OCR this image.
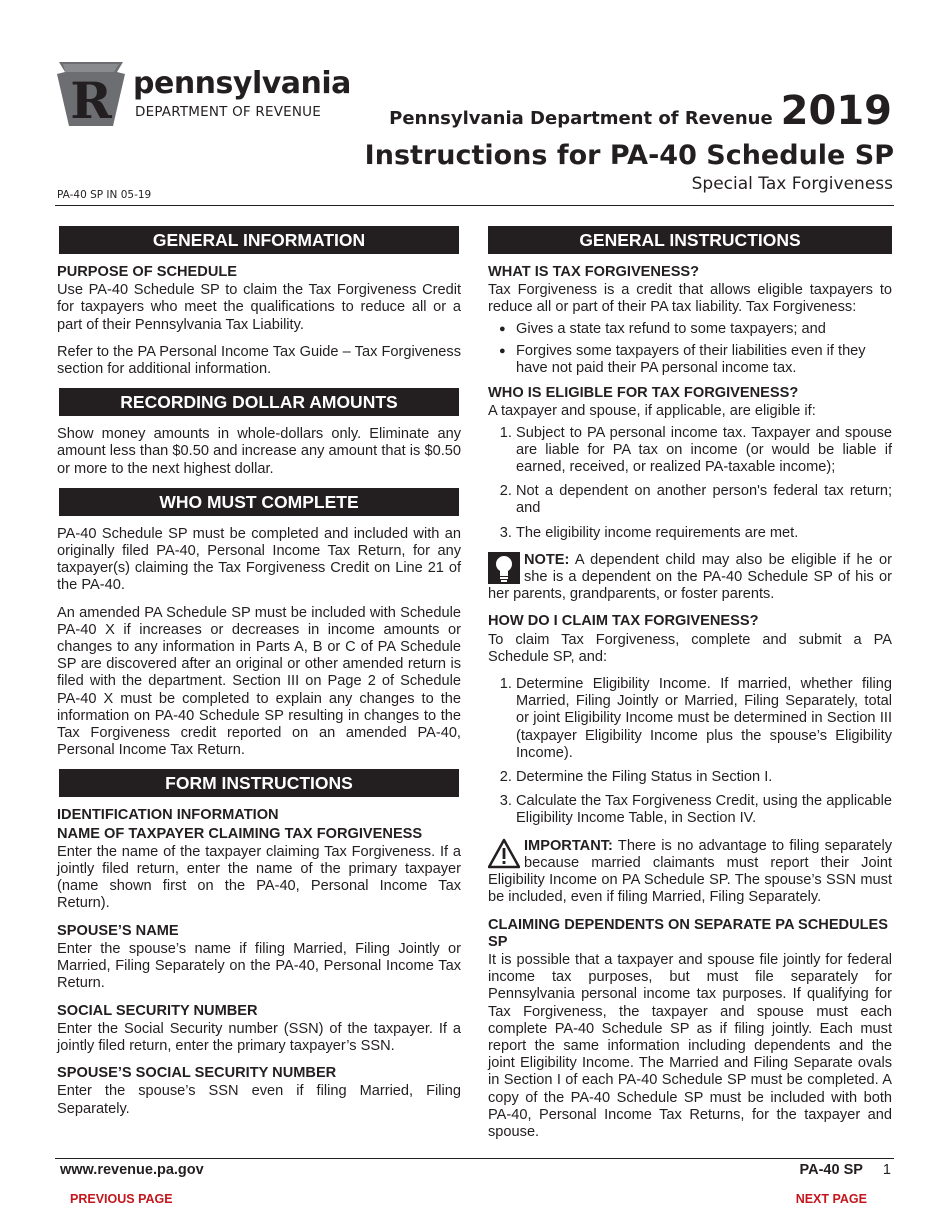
R pennsylvania
DEPARTMENT OF REVENUE	Pennsylvania Department of Revenue 2019
Instructions for PA-40 Schedule SP
Special Tax Forgiveness
PA-40 SP IN 05-19
GENERAL INFORMATION
PURPOSE OF SCHEDULE

Use PA-40 Schedule SP to claim the Tax Forgiveness Credit for taxpayers who meet the qualifications to reduce all or a part of their Pennsylvania Tax Liability.

Refer to the PA Personal Income Tax Guide – Tax Forgiveness section for additional information.

RECORDING DOLLAR AMOUNTS

Show money amounts in whole-dollars only. Eliminate any amount less than $0.50 and increase any amount that is $0.50 or more to the next highest dollar.

WHO MUST COMPLETE

PA-40 Schedule SP must be completed and included with an originally filed PA-40, Personal Income Tax Return, for any taxpayer(s) claiming the Tax Forgiveness Credit on Line 21 of the PA-40.

An amended PA Schedule SP must be included with Schedule PA-40 X if increases or decreases in income amounts or changes to any information in Parts A, B or C of PA Schedule SP are discovered after an original or other amended return is filed with the department. Section III on Page 2 of Schedule PA-40 X must be completed to explain any changes to the information on PA-40 Schedule SP resulting in changes to the Tax Forgiveness credit reported on an amended PA-40, Personal Income Tax Return.

FORM INSTRUCTIONS
IDENTIFICATION INFORMATION
NAME OF TAXPAYER CLAIMING TAX FORGIVENESS

Enter the name of the taxpayer claiming Tax Forgiveness. If a jointly filed return, enter the name of the primary taxpayer (name shown first on the PA-40, Personal Income Tax Return).

SPOUSE’S NAME

Enter the spouse’s name if filing Married, Filing Jointly or Married, Filing Separately on the PA-40, Personal Income Tax Return.

SOCIAL SECURITY NUMBER

Enter the Social Security number (SSN) of the taxpayer. If a jointly filed return, enter the primary taxpayer’s SSN.

SPOUSE’S SOCIAL SECURITY NUMBER

Enter the spouse’s SSN even if filing Married, Filing Separately.

GENERAL INSTRUCTIONS
WHAT IS TAX FORGIVENESS?

Tax Forgiveness is a credit that allows eligible taxpayers to reduce all or part of their PA tax liability. Tax Forgiveness:

● Gives a state tax refund to some taxpayers; and
● Forgives some taxpayers of their liabilities even if they have not paid their PA personal income tax.
WHO IS ELIGIBLE FOR TAX FORGIVENESS?

A taxpayer and spouse, if applicable, are eligible if:

1. Subject to PA personal income tax. Taxpayer and spouse are liable for PA tax on income (or would be liable if earned, received, or realized PA-taxable income);
2. Not a dependent on another person's federal tax return; and
3. The eligibility income requirements are met.
NOTE: A dependent child may also be eligible if he or she is a dependent on the PA-40 Schedule SP of his or her parents, grandparents, or foster parents.
HOW DO I CLAIM TAX FORGIVENESS?

To claim Tax Forgiveness, complete and submit a PA Schedule SP, and:

1. Determine Eligibility Income. If married, whether filing Married, Filing Jointly or Married, Filing Separately, total or joint Eligibility Income must be determined in Section III (taxpayer Eligibility Income plus the spouse’s Eligibility Income).
2. Determine the Filing Status in Section I.
3. Calculate the Tax Forgiveness Credit, using the applicable Eligibility Income Table, in Section IV.
IMPORTANT: There is no advantage to filing separately because married claimants must report their Joint Eligibility Income on PA Schedule SP. The spouse’s SSN must be included, even if filing Married, Filing Separately.
CLAIMING DEPENDENTS ON SEPARATE PA SCHEDULES SP

It is possible that a taxpayer and spouse file jointly for federal income tax purposes, but must file separately for Pennsylvania personal income tax purposes. If qualifying for Tax Forgiveness, the taxpayer and spouse must each complete PA-40 Schedule SP as if filing jointly. Each must report the same information including dependents and the joint Eligibility Income. The Married and Filing Separate ovals in Section I of each PA-40 Schedule SP must be completed. A copy of the PA-40 Schedule SP must be included with both PA-40, Personal Income Tax Returns, for the taxpayer and spouse.

www.revenue.pa.gov	PA-40 SP 1
PREVIOUS PAGE	NEXT PAGE
